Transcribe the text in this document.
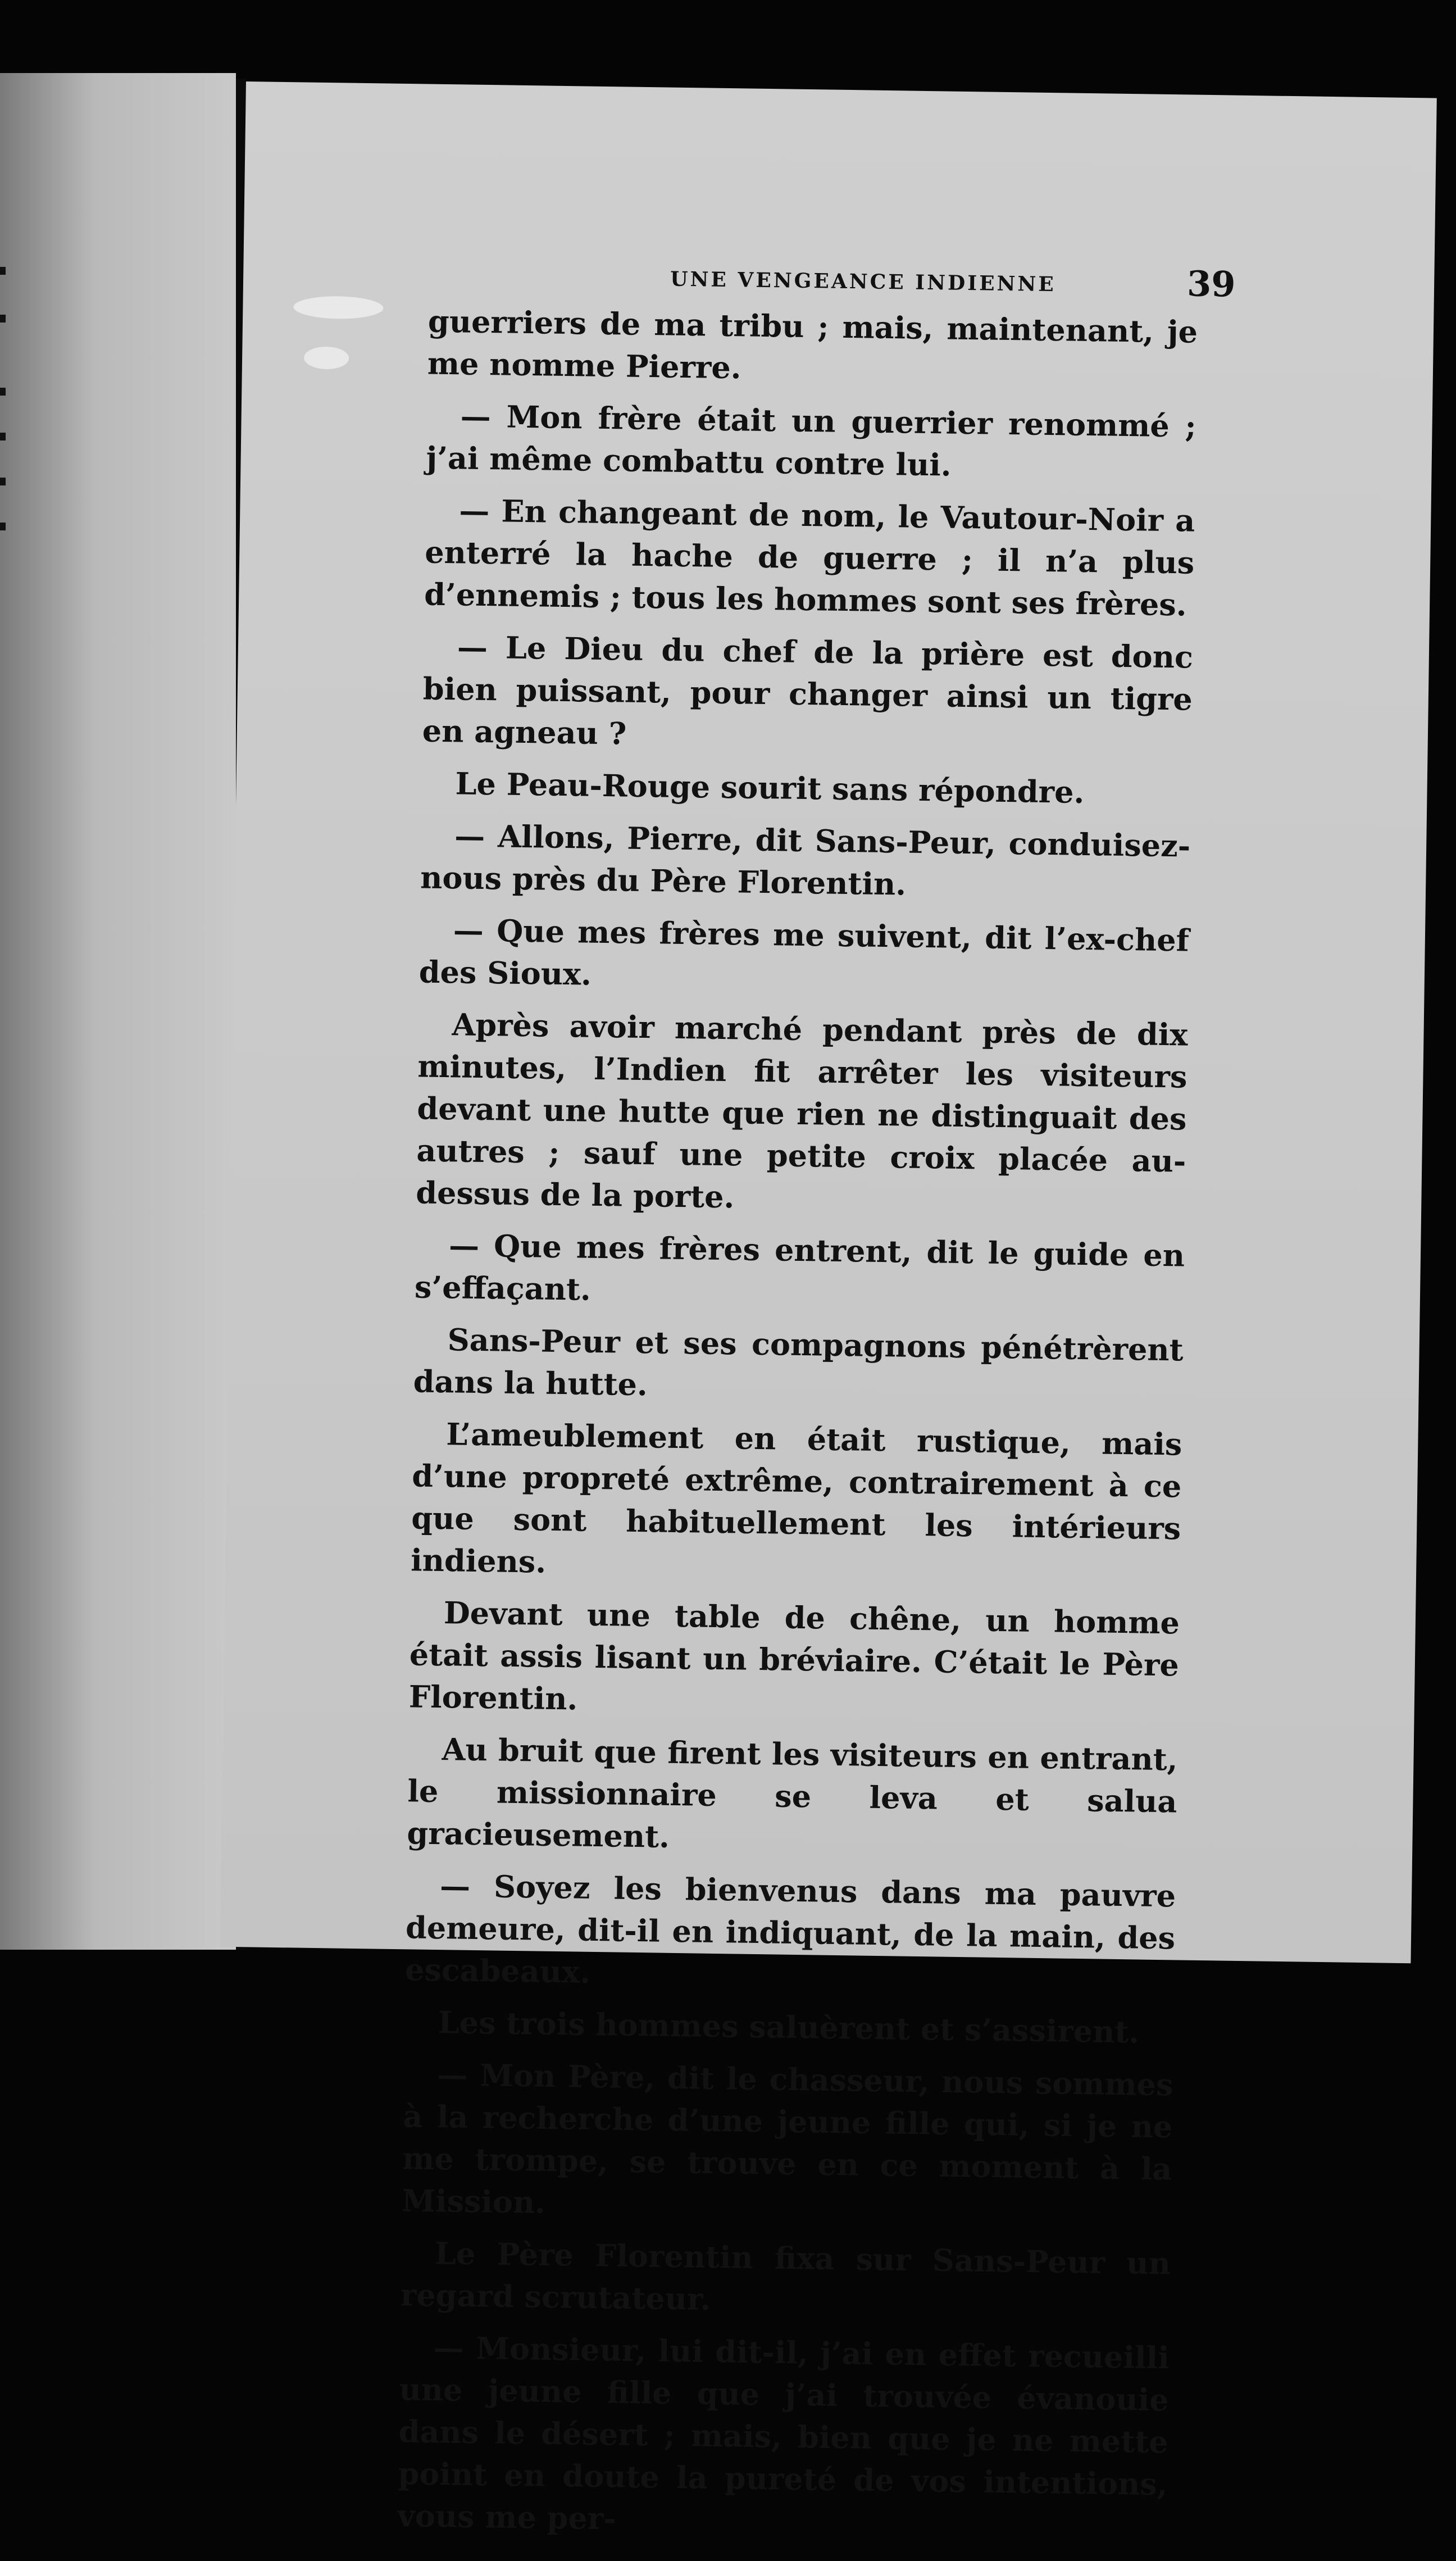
UNE VENGEANCE INDIENNE	39

guerriers de ma tribu ; mais, maintenant, je me nomme Pierre.

— Mon frère était un guerrier renommé ; j’ai même combattu contre lui.

— En changeant de nom, le Vautour-Noir a enterré la hache de guerre ; il n’a plus d’ennemis ; tous les hommes sont ses frères.

— Le Dieu du chef de la prière est donc bien puissant, pour changer ainsi un tigre en agneau ?

Le Peau-Rouge sourit sans répondre.

— Allons, Pierre, dit Sans-Peur, conduisez-nous près du Père Florentin.

— Que mes frères me suivent, dit l’ex-chef des Sioux.

Après avoir marché pendant près de dix minutes, l’Indien fit arrêter les visiteurs devant une hutte que rien ne distinguait des autres ; sauf une petite croix placée au-dessus de la porte.

— Que mes frères entrent, dit le guide en s’effaçant.

Sans-Peur et ses compagnons pénétrèrent dans la hutte.

L’ameublement en était rustique, mais d’une propreté extrême, contrairement à ce que sont habituellement les intérieurs indiens.

Devant une table de chêne, un homme était assis lisant un bréviaire. C’était le Père Florentin.

Au bruit que firent les visiteurs en entrant, le missionnaire se leva et salua gracieusement.

— Soyez les bienvenus dans ma pauvre demeure, dit-il en indiquant, de la main, des escabeaux.

Les trois hommes saluèrent et s’assirent.

— Mon Père, dit le chasseur, nous sommes à la recherche d’une jeune fille qui, si je ne me trompe, se trouve en ce moment à la Mission.

Le Père Florentin fixa sur Sans-Peur un regard scrutateur.

— Monsieur, lui dit-il, j’ai en effet recueilli une jeune fille que j’ai trouvée évanouie dans le désert ; mais, bien que je ne mette point en doute la pureté de vos intentions, vous me per-
